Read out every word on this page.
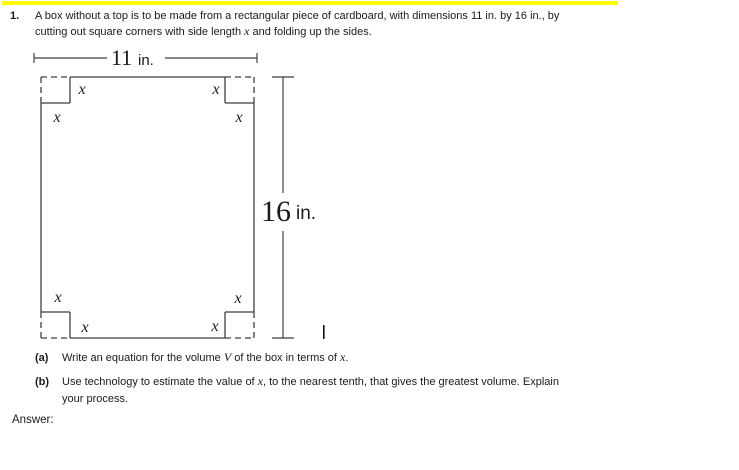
1. A box without a top is to be made from a rectangular piece of cardboard, with dimensions 11 in. by 16 in., by
cutting out square corners with side length x and folding up the sides.
11 in.
16 in.
x
x
x
x
x
x
x
x
(a) Write an equation for the volume V of the box in terms of x.
(b) Use technology to estimate the value of x, to the nearest tenth, that gives the greatest volume. Explain
your process.
Answer:
